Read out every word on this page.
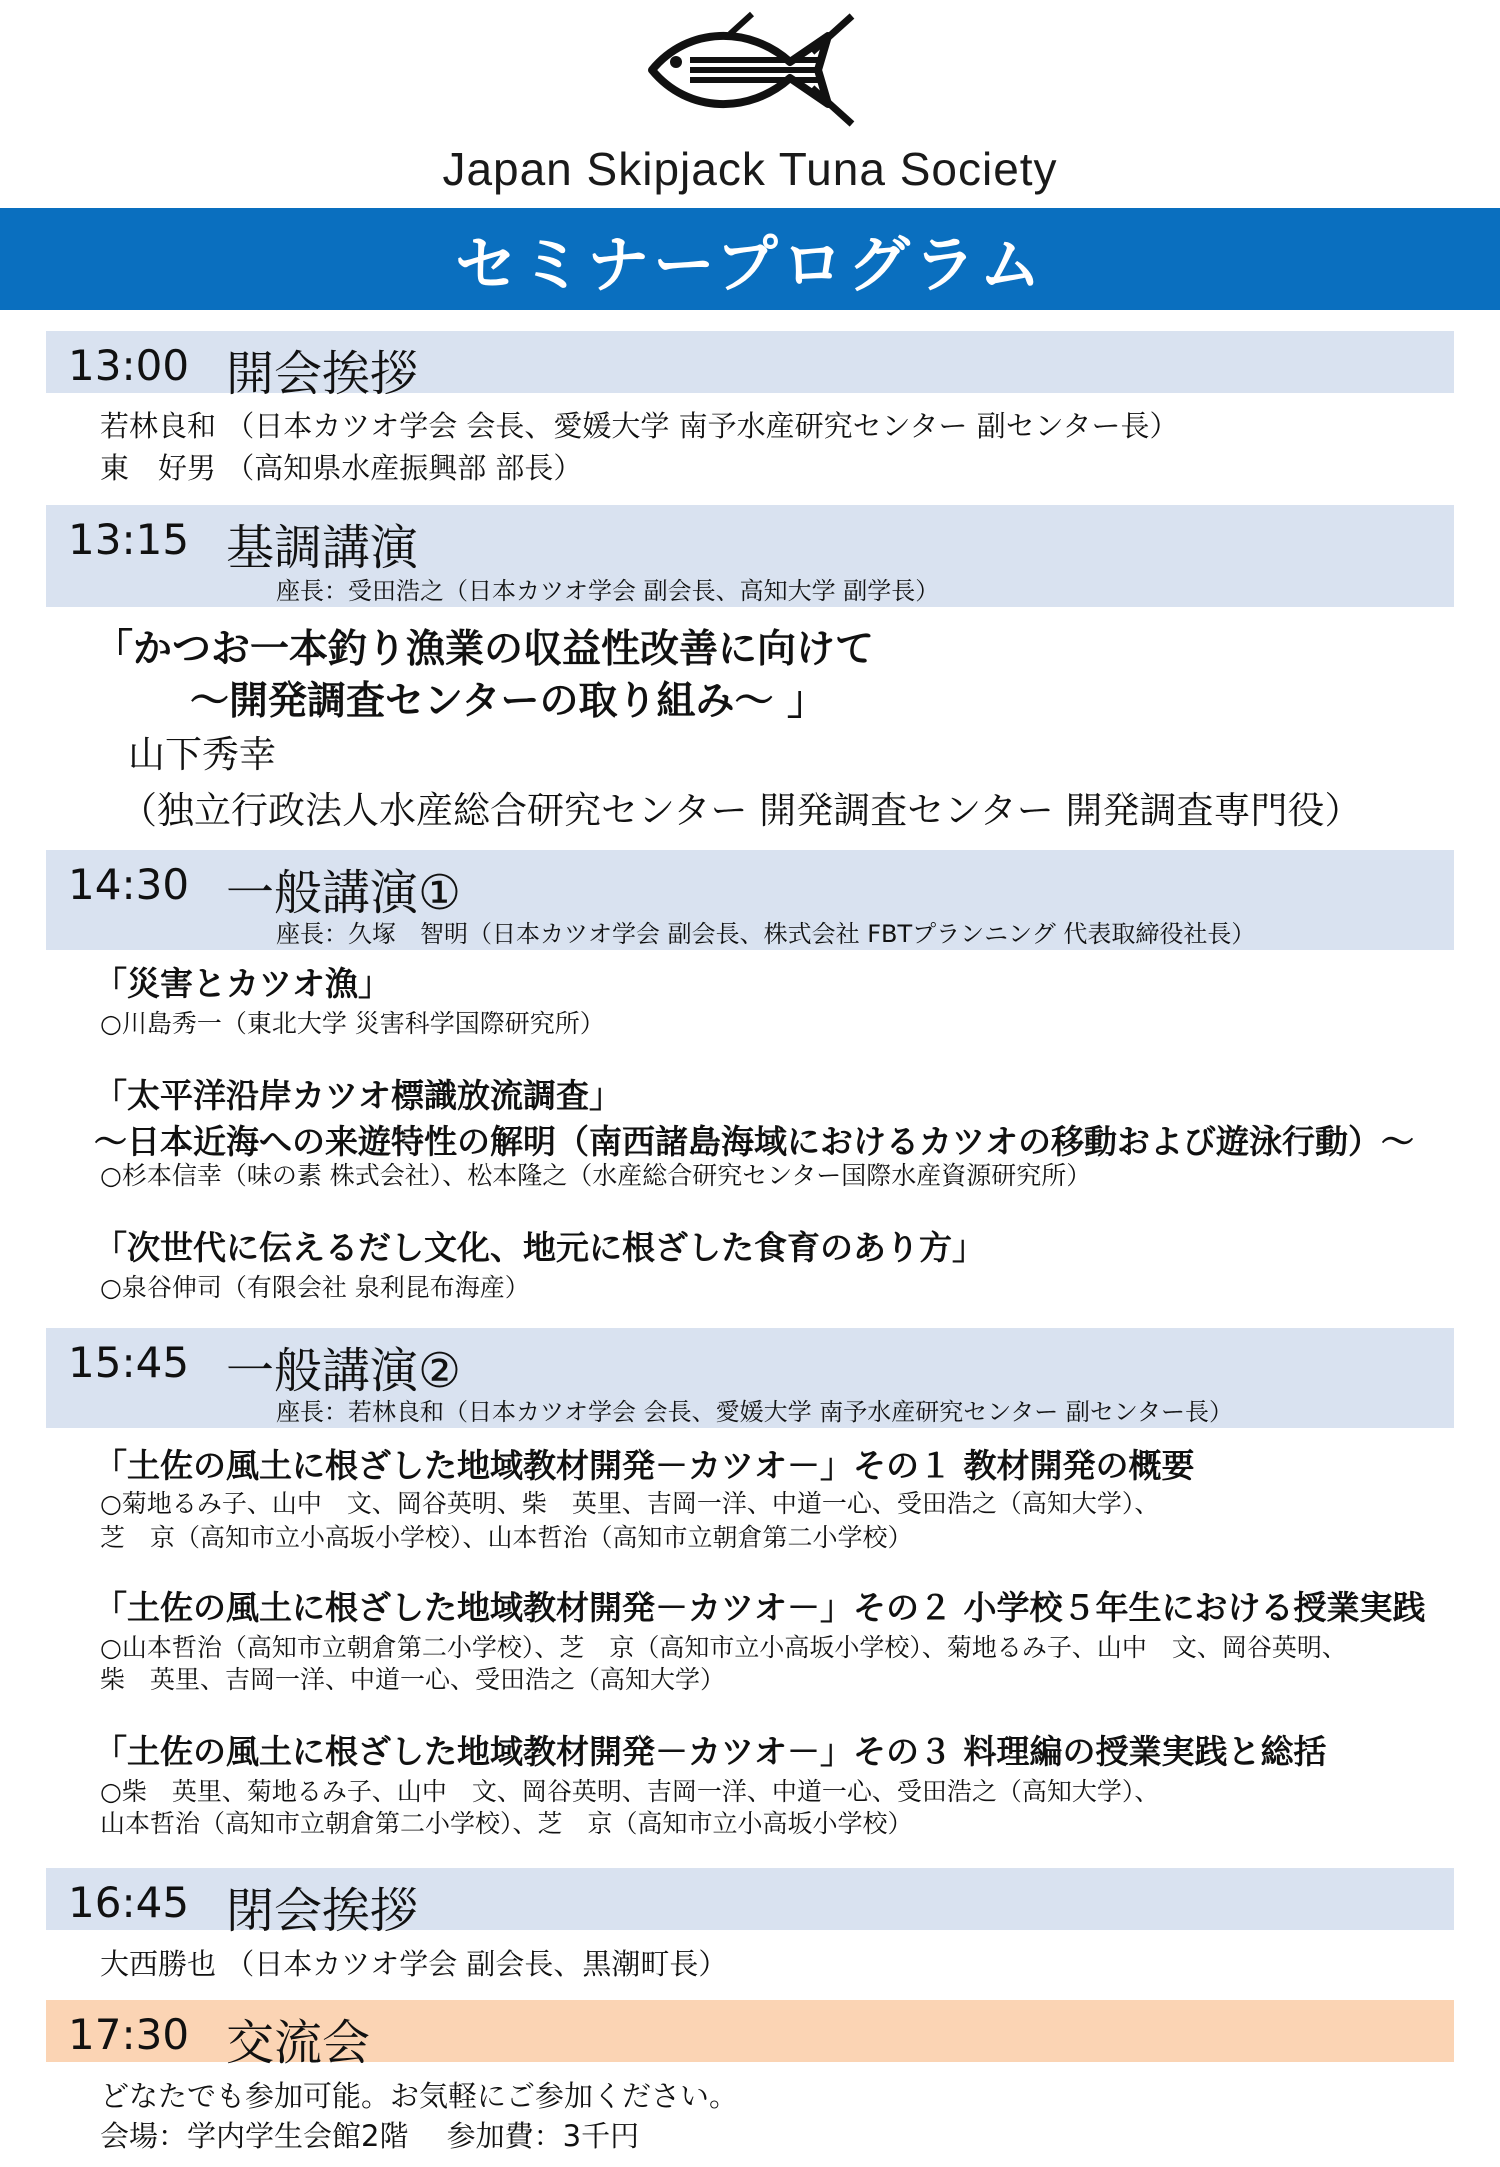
Japan Skipjack Tuna Society
セミナープログラム
13:00 開会挨拶
若林良和 （日本カツオ学会 会長、愛媛大学 南予水産研究センター 副センター長）
東　好男 （高知県水産振興部 部長）
13:15 基調講演
座長：受田浩之（日本カツオ学会 副会長、高知大学 副学長）
「かつお一本釣り漁業の収益性改善に向けて
～開発調査センターの取り組み～ 」
山下秀幸
（独立行政法人水産総合研究センター 開発調査センター 開発調査専門役）
14:30 一般講演①
座長：久塚　智明（日本カツオ学会 副会長、株式会社 FBTプランニング 代表取締役社長）
「災害とカツオ漁」
○川島秀一（東北大学 災害科学国際研究所）
「太平洋沿岸カツオ標識放流調査」
～日本近海への来遊特性の解明（南西諸島海域におけるカツオの移動および遊泳行動）～
○杉本信幸（味の素 株式会社）、松本隆之（水産総合研究センター国際水産資源研究所）
「次世代に伝えるだし文化、地元に根ざした食育のあり方」
○泉谷伸司（有限会社 泉利昆布海産）
15:45 一般講演②
座長：若林良和（日本カツオ学会 会長、愛媛大学 南予水産研究センター 副センター長）
「土佐の風土に根ざした地域教材開発－カツオ－」その１ 教材開発の概要
○菊地るみ子、山中　文、岡谷英明、柴　英里、吉岡一洋、中道一心、受田浩之（高知大学）、
芝　京（高知市立小高坂小学校）、山本哲治（高知市立朝倉第二小学校）
「土佐の風土に根ざした地域教材開発－カツオ－」その２ 小学校５年生における授業実践
○山本哲治（高知市立朝倉第二小学校）、芝　京（高知市立小高坂小学校）、菊地るみ子、山中　文、岡谷英明、
柴　英里、吉岡一洋、中道一心、受田浩之（高知大学）
「土佐の風土に根ざした地域教材開発－カツオ－」その３ 料理編の授業実践と総括
○柴　英里、菊地るみ子、山中　文、岡谷英明、吉岡一洋、中道一心、受田浩之（高知大学）、
山本哲治（高知市立朝倉第二小学校）、芝　京（高知市立小高坂小学校）
16:45 閉会挨拶
大西勝也 （日本カツオ学会 副会長、黒潮町長）
17:30 交流会
どなたでも参加可能。お気軽にご参加ください。
会場：学内学生会館2階　 参加費：3千円
